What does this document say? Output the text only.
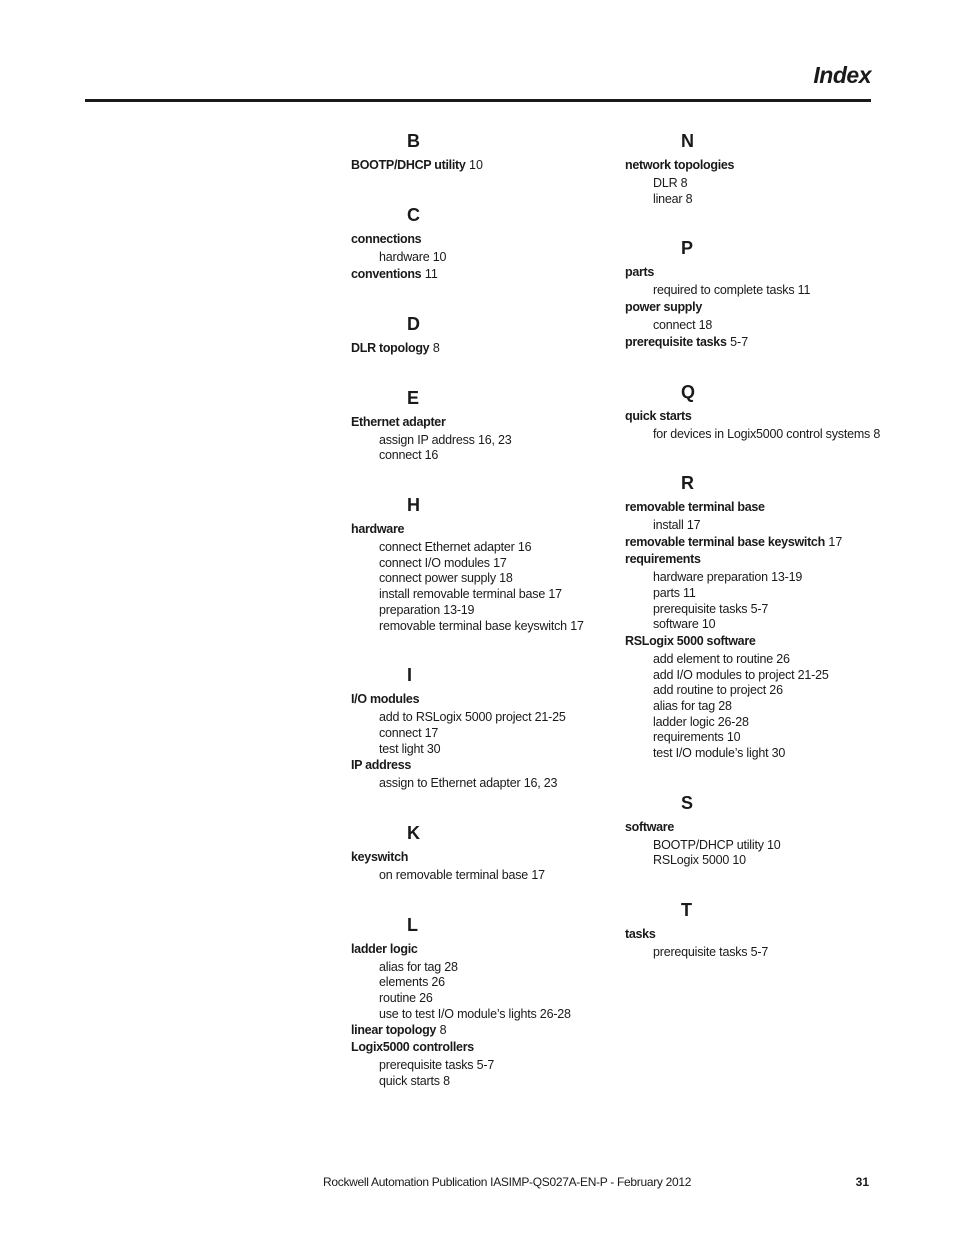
Index
B
BOOTP/DHCP utility 10
C
connections
hardware 10
conventions 11
D
DLR topology 8
E
Ethernet adapter
assign IP address 16, 23
connect 16
H
hardware
connect Ethernet adapter 16
connect I/O modules 17
connect power supply 18
install removable terminal base 17
preparation 13-19
removable terminal base keyswitch 17
I
I/O modules
add to RSLogix 5000 project 21-25
connect 17
test light 30
IP address
assign to Ethernet adapter 16, 23
K
keyswitch
on removable terminal base 17
L
ladder logic
alias for tag 28
elements 26
routine 26
use to test I/O module’s lights 26-28
linear topology 8
Logix5000 controllers
prerequisite tasks 5-7
quick starts 8
N
network topologies
DLR 8
linear 8
P
parts
required to complete tasks 11
power supply
connect 18
prerequisite tasks 5-7
Q
quick starts
for devices in Logix5000 control systems 8
R
removable terminal base
install 17
removable terminal base keyswitch 17
requirements
hardware preparation 13-19
parts 11
prerequisite tasks 5-7
software 10
RSLogix 5000 software
add element to routine 26
add I/O modules to project 21-25
add routine to project 26
alias for tag 28
ladder logic 26-28
requirements 10
test I/O module’s light 30
S
software
BOOTP/DHCP utility 10
RSLogix 5000 10
T
tasks
prerequisite tasks 5-7
Rockwell Automation Publication IASIMP-QS027A-EN-P - February 2012	31
